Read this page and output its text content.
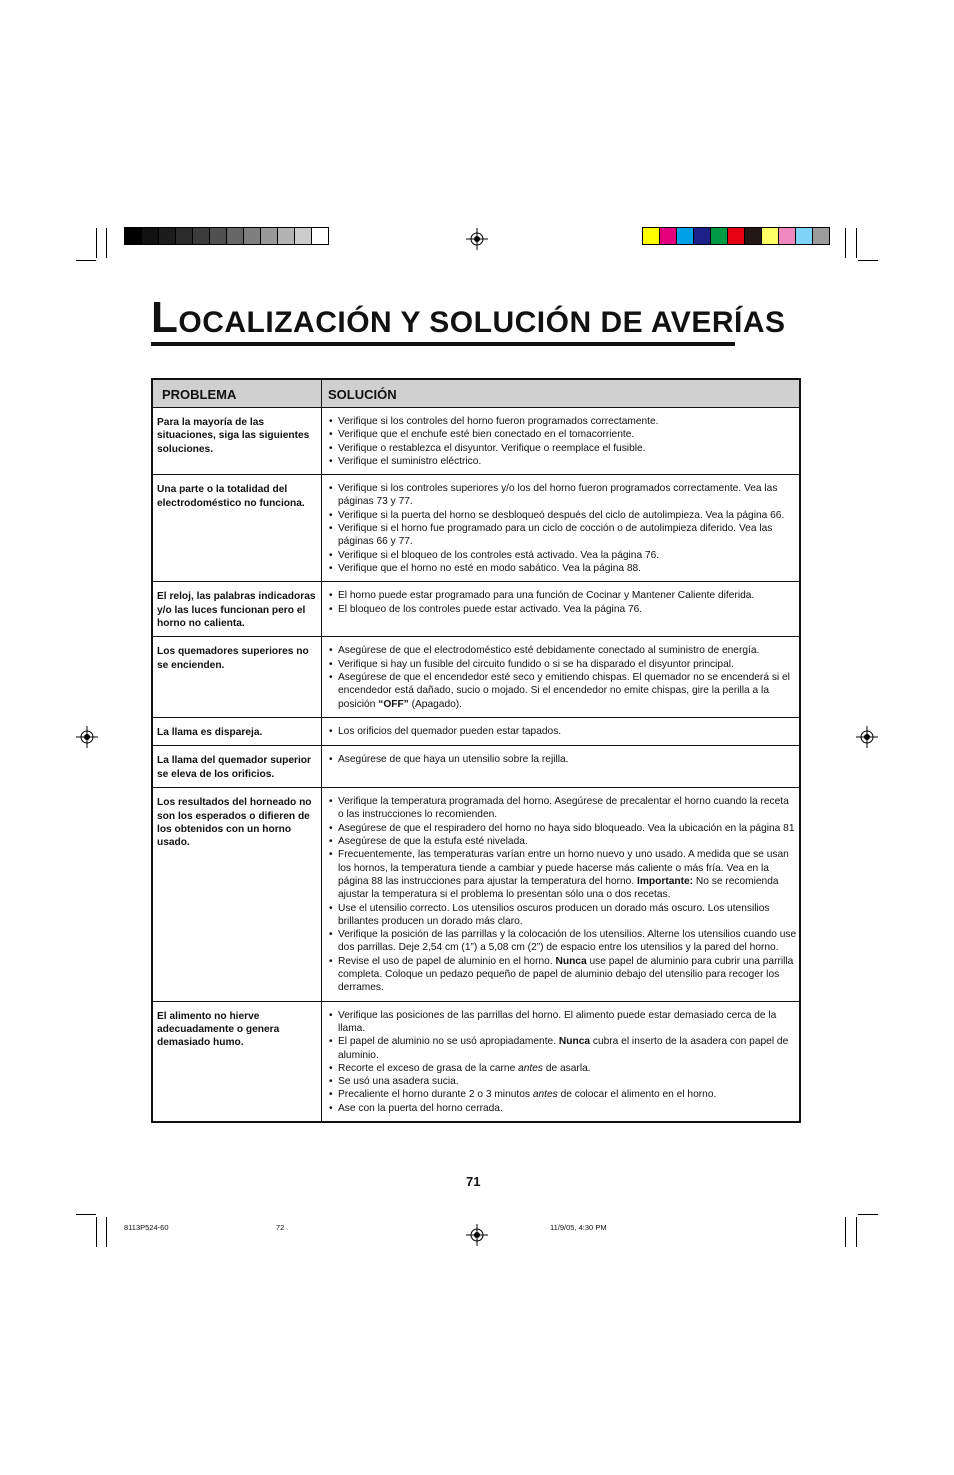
LOCALIZACIÓN Y SOLUCIÓN DE AVERÍAS
PROBLEMA	SOLUCIÓN
Para la mayoría de las situaciones, siga las siguientes soluciones.
• Verifique si los controles del horno fueron programados correctamente.
• Verifique que el enchufe esté bien conectado en el tomacorriente.
• Verifique o restablezca el disyuntor. Verifique o reemplace el fusible.
• Verifique el suministro eléctrico.
Una parte o la totalidad del electrodoméstico no funciona.
• Verifique si los controles superiores y/o los del horno fueron programados correctamente. Vea las páginas 73 y 77.
• Verifique si la puerta del horno se desbloqueó después del ciclo de autolimpieza. Vea la página 66.
• Verifique si el horno fue programado para un ciclo de cocción o de autolimpieza diferido. Vea las páginas 66 y 77.
• Verifique si el bloqueo de los controles está activado. Vea la página 76.
• Verifique que el horno no esté en modo sabático. Vea la página 88.
El reloj, las palabras indicadoras y/o las luces funcionan pero el horno no calienta.
• El horno puede estar programado para una función de Cocinar y Mantener Caliente diferida.
• El bloqueo de los controles puede estar activado. Vea la página 76.
Los quemadores superiores no se encienden.
• Asegúrese de que el electrodoméstico esté debidamente conectado al suministro de energía.
• Verifique si hay un fusible del circuito fundido o si se ha disparado el disyuntor principal.
• Asegúrese de que el encendedor esté seco y emitiendo chispas. El quemador no se encenderá si el encendedor está dañado, sucio o mojado. Si el encendedor no emite chispas, gire la perilla a la posición “OFF” (Apagado).
La llama es dispareja.
•	Los orificios del quemador pueden estar tapados.
La llama del quemador superior se eleva de los orificios.
• Asegúrese de que haya un utensilio sobre la rejilla.
Los resultados del horneado no son los esperados o difieren de los obtenidos con un horno usado.
• Verifique la temperatura programada del horno. Asegúrese de precalentar el horno cuando la receta o las instrucciones lo recomienden.
• Asegúrese de que el respiradero del horno no haya sido bloqueado. Vea la ubicación en la página 81
• Asegúrese de que la estufa esté nivelada.
• Frecuentemente, las temperaturas varían entre un horno nuevo y uno usado. A medida que se usan los hornos, la temperatura tiende a cambiar y puede hacerse más caliente o más fría. Vea en la página 88 las instrucciones para ajustar la temperatura del horno. Importante: No se recomienda ajustar la temperatura si el problema lo presentan sólo una o dos recetas.
• Use el utensilio correcto. Los utensilios oscuros producen un dorado más oscuro. Los utensilios brillantes producen un dorado más claro.
• Verifique la posición de las parrillas y la colocación de los utensilios. Alterne los utensilios cuando use dos parrillas. Deje 2,54 cm (1”) a 5,08 cm (2”) de espacio entre los utensilios y la pared del horno.
• Revise el uso de papel de aluminio en el horno. Nunca use papel de aluminio para cubrir una parrilla completa. Coloque un pedazo pequeño de papel de aluminio debajo del utensilio para recoger los derrames.
El alimento no hierve adecuadamente o genera demasiado humo.
• Verifique las posiciones de las parrillas del horno. El alimento puede estar demasiado cerca de la llama.
• El papel de aluminio no se usó apropiadamente. Nunca cubra el inserto de la asadera con papel de aluminio.
• Recorte el exceso de grasa de la carne antes de asarla.
• Se usó una asadera sucia.
• Precaliente el horno durante 2 o 3 minutos antes de colocar el alimento en el horno.
• Ase con la puerta del horno cerrada.
71
8113P524-60	72	11/9/05, 4:30 PM
